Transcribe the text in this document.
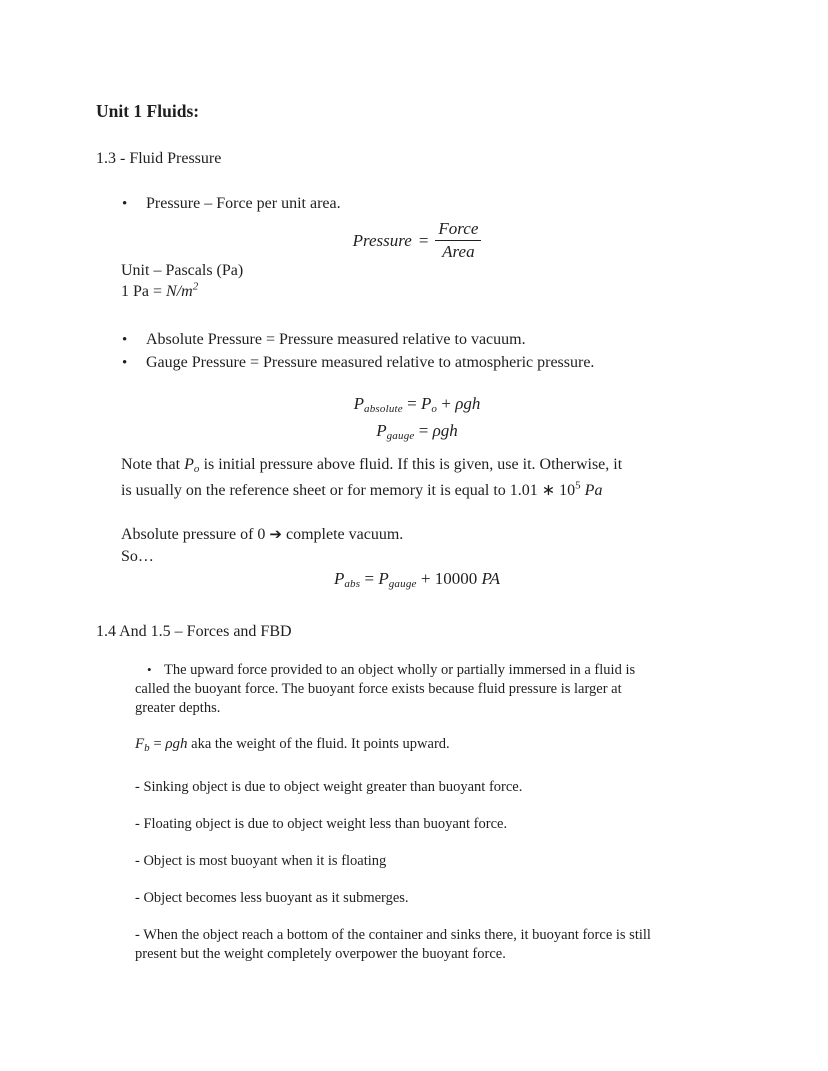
Unit 1 Fluids:
1.3 - Fluid Pressure
•	Pressure – Force per unit area.
Pressure = $\frac{\text{Force}}{\text{Area}}$
Unit – Pascals (Pa)
1 $Pa = N/m^2$
•	Absolute Pressure = Pressure measured relative to vacuum.
•	Gauge Pressure = Pressure measured relative to atmospheric pressure.
Pabsolute = Po + ρgh
Pgauge = ρgh
Note that Po is initial pressure above fluid. If this is given, use it. Otherwise, it
is usually on the reference sheet or for memory it is equal to 1.01 ∗ $10^5$ Pa
Absolute pressure of 0 ➔ complete vacuum.
So…
Pabs = Pgauge + 10000 PA
1.4 And 1.5 – Forces and FBD
• The upward force provided to an object wholly or partially immersed in a fluid is
called the buoyant force. The buoyant force exists because fluid pressure is larger at
greater depths.
$F_b = \rho gh$ aka the weight of the fluid. It points upward.
- Sinking object is due to object weight greater than buoyant force.
- Floating object is due to object weight less than buoyant force.
- Object is most buoyant when it is floating
- Object becomes less buoyant as it submerges.
- When the object reach a bottom of the container and sinks there, it buoyant force is still
present but the weight completely overpower the buoyant force.
